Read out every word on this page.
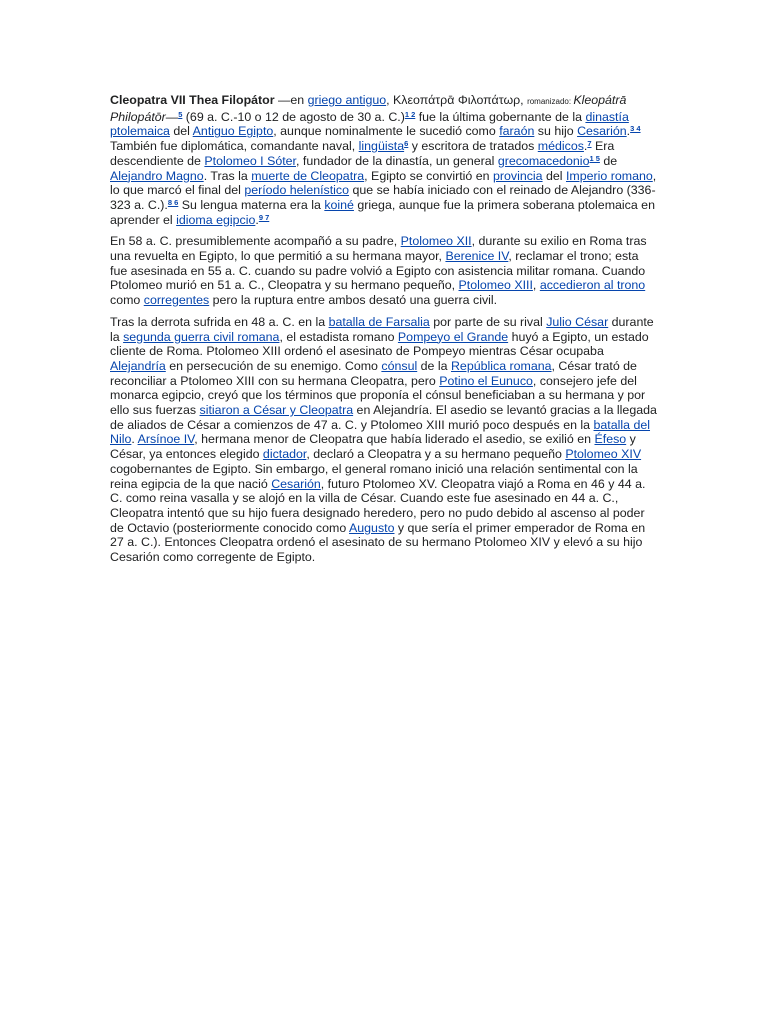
Cleopatra VII Thea Filopátor —en griego antiguo, Κλεοπάτρᾱ Φιλοπάτωρ, romanizado: Kleopátrā Philopátōr—$^5$ (69 a. C.-10 o 12 de agosto de 30 a. C.)$^{1 2}$ fue la última gobernante de la dinastía ptolemaica del Antiguo Egipto, aunque nominalmente le sucedió como faraón su hijo Cesarión.$^{3 4}$ También fue diplomática, comandante naval, lingüista$^6$ y escritora de tratados médicos.$^7$ Era descendiente de Ptolomeo I Sóter, fundador de la dinastía, un general grecomacedonio$^{1 5}$ de Alejandro Magno. Tras la muerte de Cleopatra, Egipto se convirtió en provincia del Imperio romano, lo que marcó el final del período helenístico que se había iniciado con el reinado de Alejandro (336-323 a. C.).$^{8 6}$ Su lengua materna era la koiné griega, aunque fue la primera soberana ptolemaica en aprender el idioma egipcio.$^{9 7}$

En 58 a. C. presumiblemente acompañó a su padre, Ptolomeo XII, durante su exilio en Roma tras una revuelta en Egipto, lo que permitió a su hermana mayor, Berenice IV, reclamar el trono; esta fue asesinada en 55 a. C. cuando su padre volvió a Egipto con asistencia militar romana. Cuando Ptolomeo murió en 51 a. C., Cleopatra y su hermano pequeño, Ptolomeo XIII, accedieron al trono como corregentes pero la ruptura entre ambos desató una guerra civil.

Tras la derrota sufrida en 48 a. C. en la batalla de Farsalia por parte de su rival Julio César durante la segunda guerra civil romana, el estadista romano Pompeyo el Grande huyó a Egipto, un estado cliente de Roma. Ptolomeo XIII ordenó el asesinato de Pompeyo mientras César ocupaba Alejandría en persecución de su enemigo. Como cónsul de la República romana, César trató de reconciliar a Ptolomeo XIII con su hermana Cleopatra, pero Potino el Eunuco, consejero jefe del monarca egipcio, creyó que los términos que proponía el cónsul beneficiaban a su hermana y por ello sus fuerzas sitiaron a César y Cleopatra en Alejandría. El asedio se levantó gracias a la llegada de aliados de César a comienzos de 47 a. C. y Ptolomeo XIII murió poco después en la batalla del Nilo. Arsínoe IV, hermana menor de Cleopatra que había liderado el asedio, se exilió en Éfeso y César, ya entonces elegido dictador, declaró a Cleopatra y a su hermano pequeño Ptolomeo XIV cogobernantes de Egipto. Sin embargo, el general romano inició una relación sentimental con la reina egipcia de la que nació Cesarión, futuro Ptolomeo XV. Cleopatra viajó a Roma en 46 y 44 a. C. como reina vasalla y se alojó en la villa de César. Cuando este fue asesinado en 44 a. C., Cleopatra intentó que su hijo fuera designado heredero, pero no pudo debido al ascenso al poder de Octavio (posteriormente conocido como Augusto y que sería el primer emperador de Roma en 27 a. C.). Entonces Cleopatra ordenó el asesinato de su hermano Ptolomeo XIV y elevó a su hijo Cesarión como corregente de Egipto.
